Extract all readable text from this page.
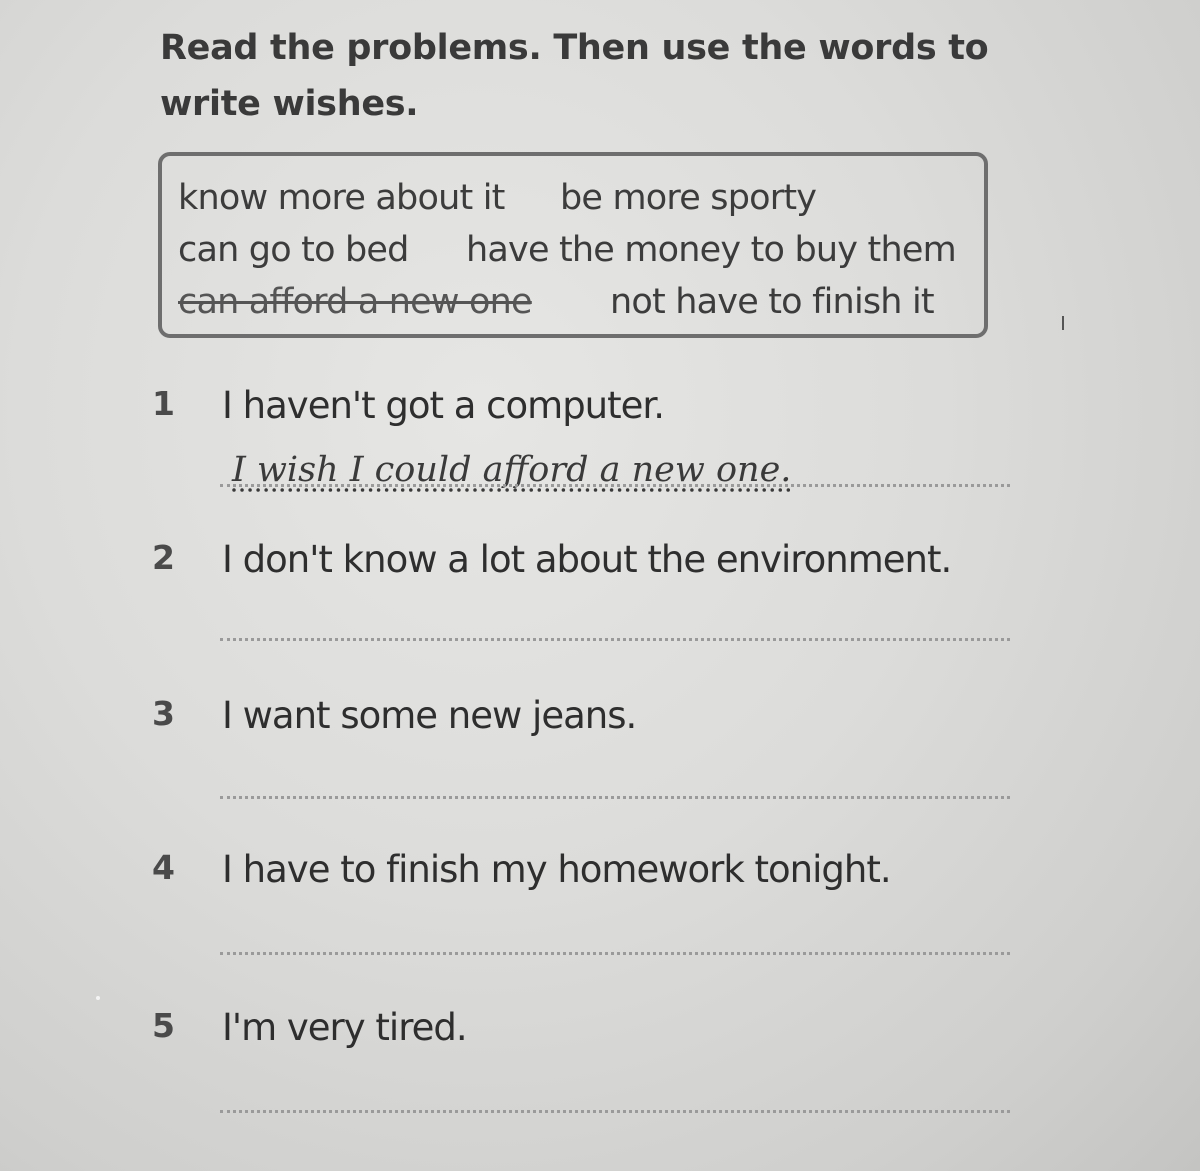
Read the problems. Then use the words to
write wishes.
know more about it be more sporty
can go to bed have the money to buy them
can afford a new one not have to finish it
1 I haven't got a computer.
I wish I could afford a new one.
2 I don't know a lot about the environment.
3 I want some new jeans.
4 I have to finish my homework tonight.
5 I'm very tired.
